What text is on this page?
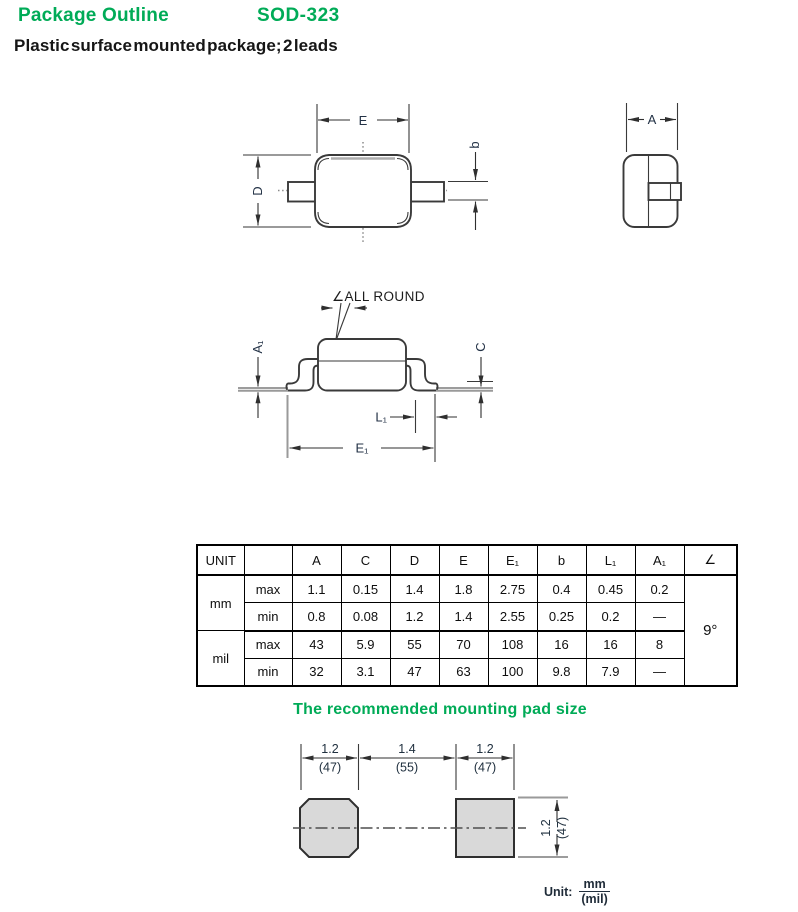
Package Outline	SOD-323
Plastic surface mounted package; 2 leads
E
D
b
A
∠ALL ROUND
A₁	C
L₁
E₁
UNIT		A	C	D	E	E₁	b	L₁	A₁	∠
mm	max	1.1	0.15	1.4	1.8	2.75	0.4	0.45	0.2	9°
	min	0.8	0.08	1.2	1.4	2.55	0.25	0.2	—	
mil	max	43	5.9	55	70	108	16	16	8	
	min	32	3.1	47	63	100	9.8	7.9	—	
The recommended mounting pad size
1.2
(47)
1.4
(55)
1.2
(47)
1.2 (47)
Unit: $\frac{mm}{\text{(mil)}}$
